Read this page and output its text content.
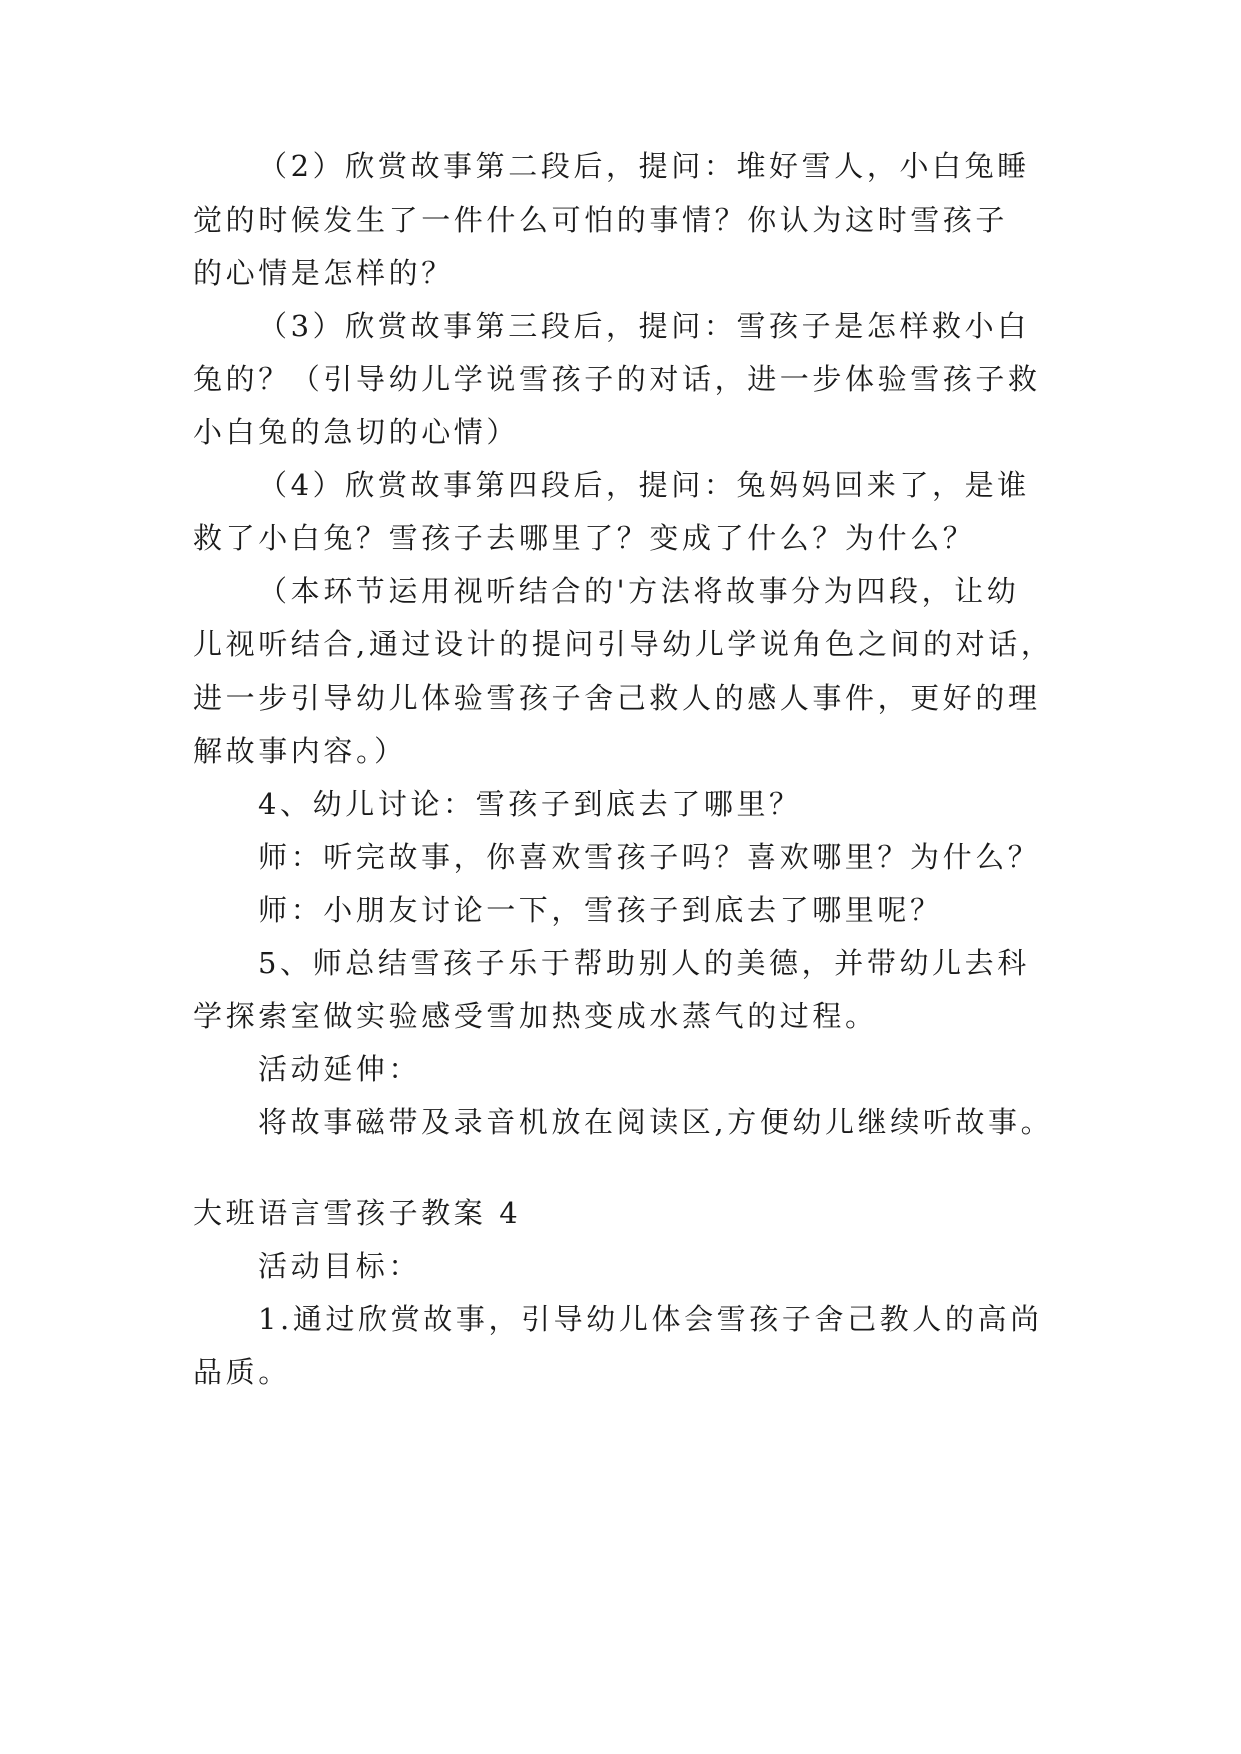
（2）欣赏故事第二段后，提问：堆好雪人，小白兔睡
觉的时候发生了一件什么可怕的事情？你认为这时雪孩子
的心情是怎样的？
（3）欣赏故事第三段后，提问：雪孩子是怎样救小白
兔的？（引导幼儿学说雪孩子的对话，进一步体验雪孩子救
小白兔的急切的心情）
（4）欣赏故事第四段后，提问：兔妈妈回来了，是谁
救了小白兔？雪孩子去哪里了？变成了什么？为什么？
（本环节运用视听结合的'方法将故事分为四段，让幼
儿视听结合,通过设计的提问引导幼儿学说角色之间的对话，
进一步引导幼儿体验雪孩子舍己救人的感人事件，更好的理
解故事内容。）
4、幼儿讨论：雪孩子到底去了哪里？
师：听完故事，你喜欢雪孩子吗？喜欢哪里？为什么？
师：小朋友讨论一下，雪孩子到底去了哪里呢？
5、师总结雪孩子乐于帮助别人的美德，并带幼儿去科
学探索室做实验感受雪加热变成水蒸气的过程。
活动延伸：
将故事磁带及录音机放在阅读区,方便幼儿继续听故事。
大班语言雪孩子教案 4
活动目标：
1.通过欣赏故事，引导幼儿体会雪孩子舍己教人的高尚
品质。
